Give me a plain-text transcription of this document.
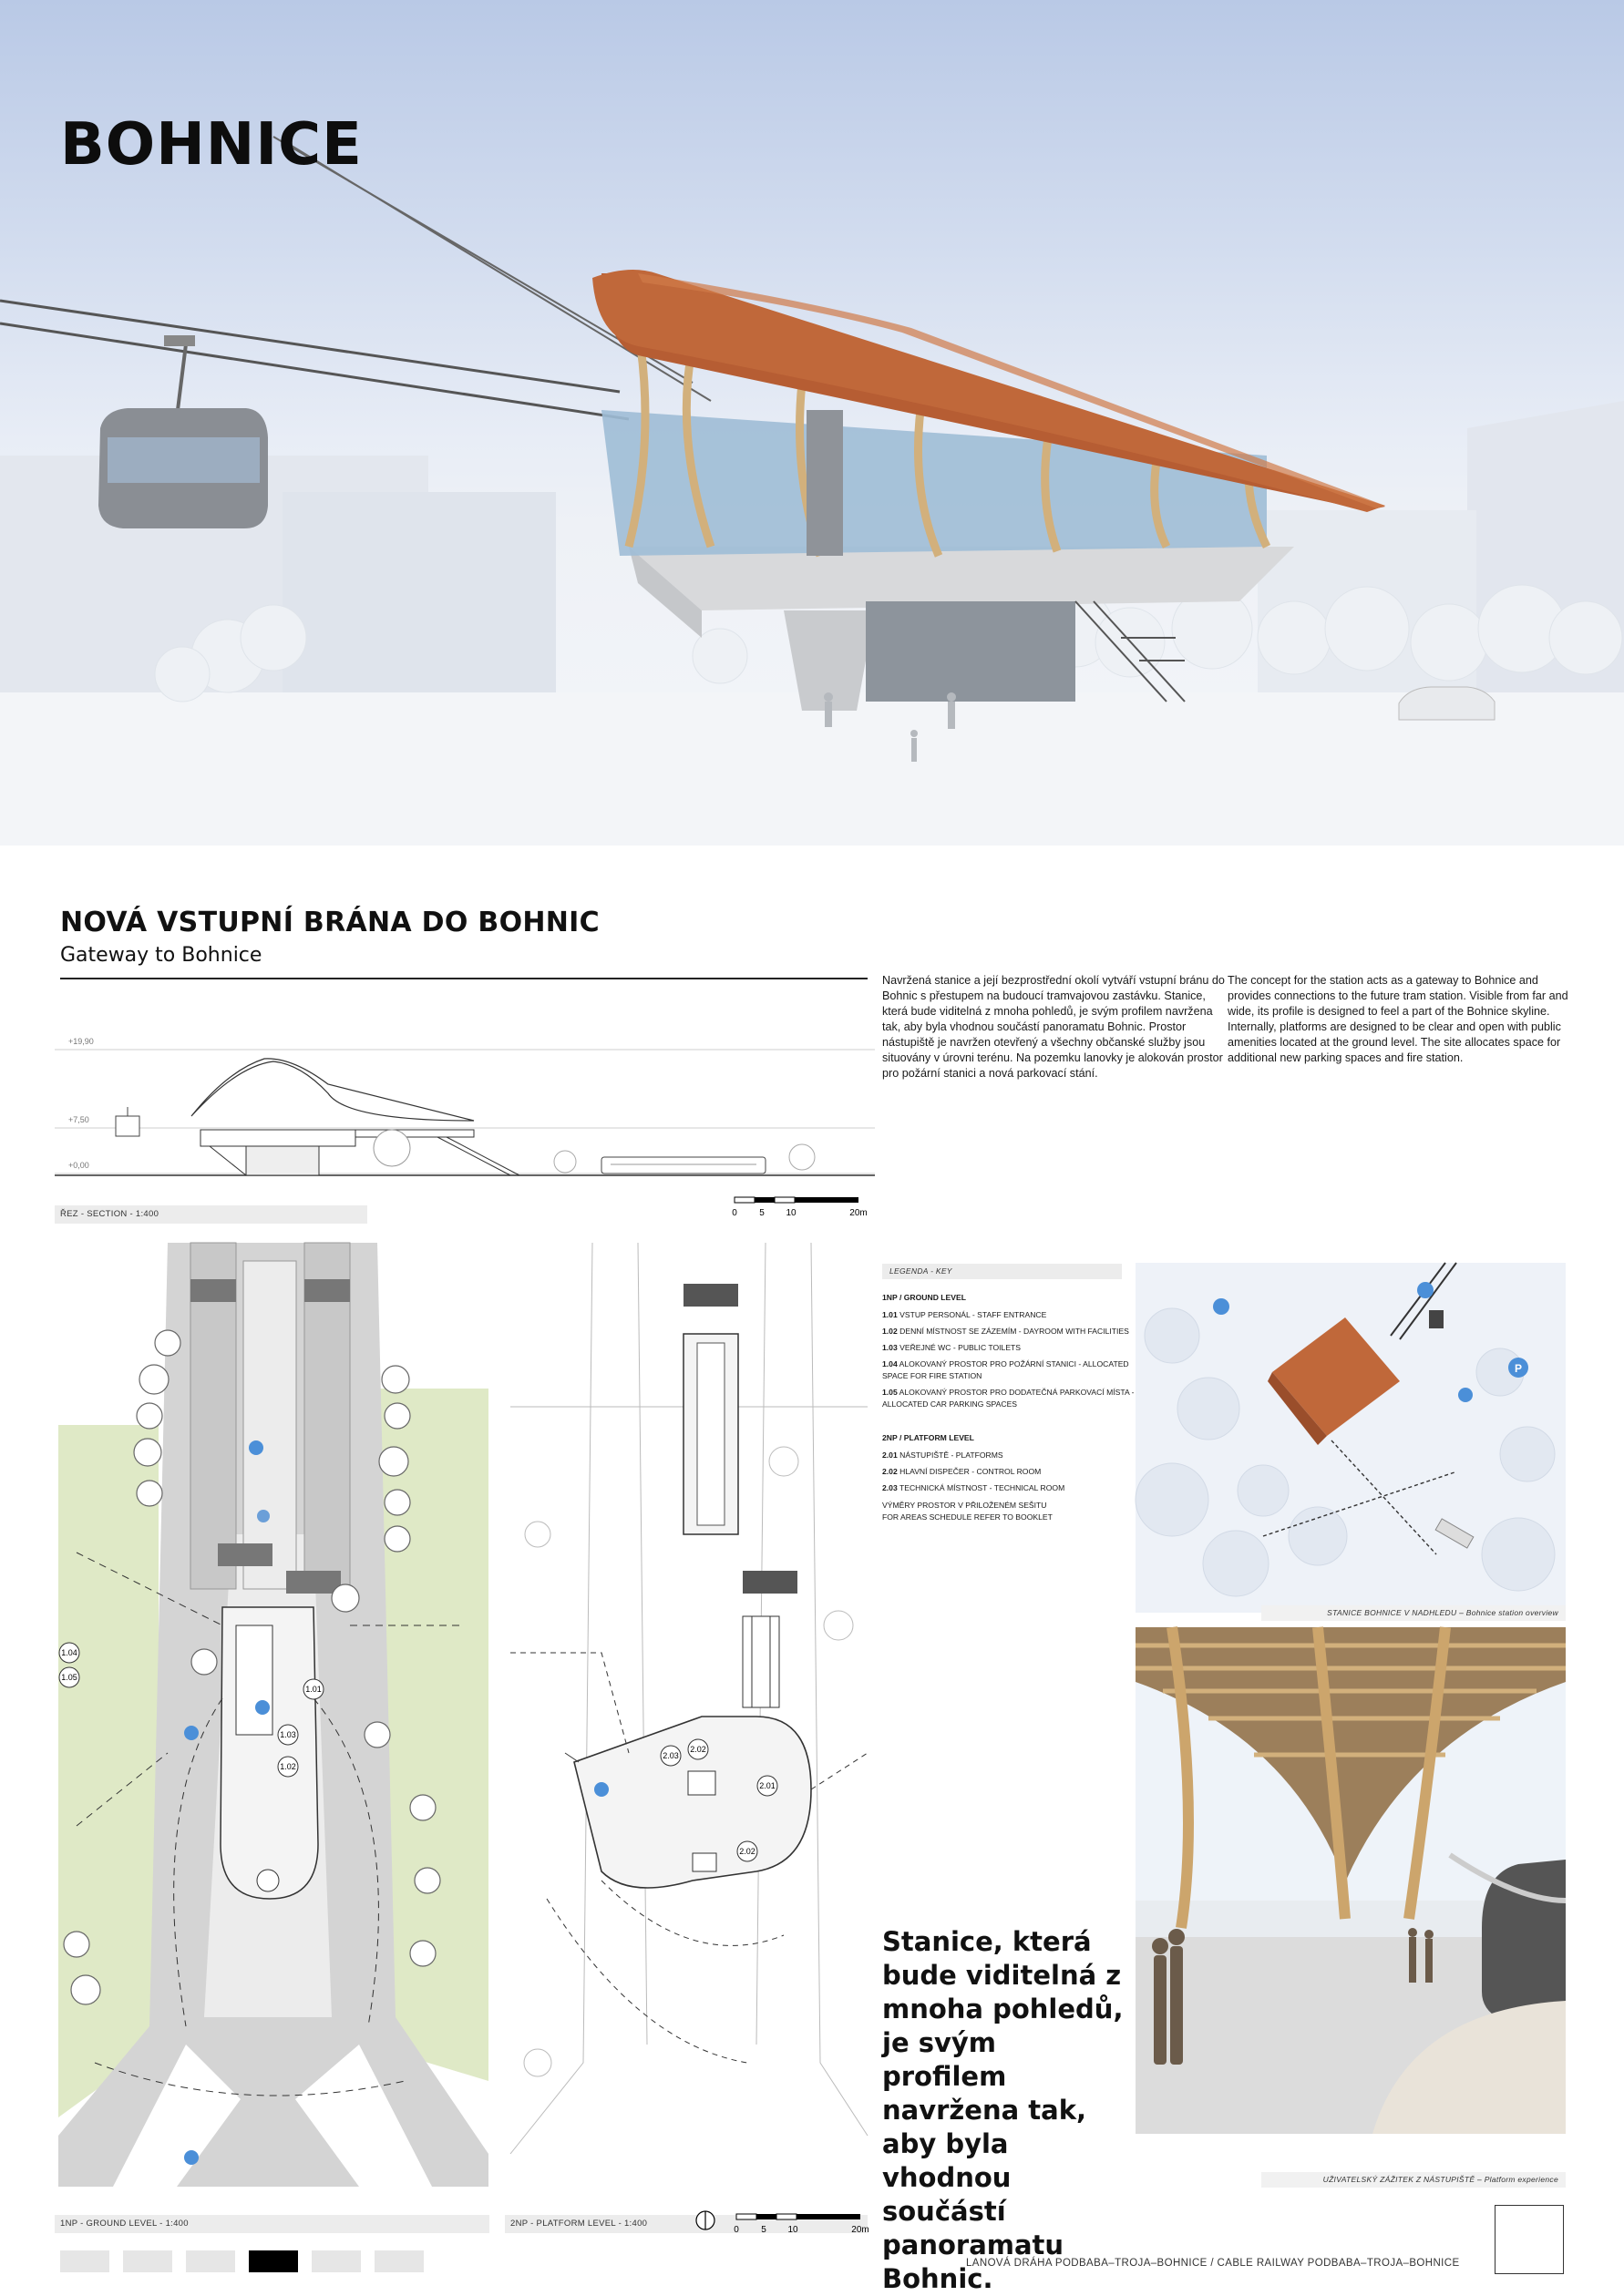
BOHNICE
NOVÁ VSTUPNÍ BRÁNA DO BOHNIC
Gateway to Bohnice
Navržená stanice a její bezprostřední okolí vytváří vstupní bránu do Bohnic s přestupem na budoucí tramvajovou zastávku. Stanice, která bude viditelná z mnoha pohledů, je svým profilem navržena tak, aby byla vhodnou součástí panoramatu Bohnic. Prostor nástupiště je navržen otevřený a všechny občanské služby jsou situovány v úrovni terénu. Na pozemku lanovky je alokován prostor pro požární stanici a nová parkovací stání.
The concept for the station acts as a gateway to Bohnice and provides connections to the future tram station. Visible from far and wide, its profile is designed to feel a part of the Bohnice skyline. Internally, platforms are designed to be clear and open with public amenities located at the ground level. The site allocates space for additional new parking spaces and fire station.
+19,90
+7,50
+0,00
ŘEZ - SECTION - 1:400	0 5 10	20m
1.04
1.05
1.01
1.03
1.02
2.02
2.03
2.01
2.02
1NP - GROUND LEVEL - 1:400	2NP - PLATFORM LEVEL - 1:400
0 5 10	20m
LEGENDA - KEY
1NP / GROUND LEVEL
1.01 VSTUP PERSONÁL - STAFF ENTRANCE
1.02 DENNÍ MÍSTNOST SE ZÁZEMÍM - DAYROOM WITH FACILITIES
1.03 VEŘEJNÉ WC - PUBLIC TOILETS
1.04 ALOKOVANÝ PROSTOR PRO POŽÁRNÍ STANICI - ALLOCATED SPACE FOR FIRE STATION
1.05 ALOKOVANÝ PROSTOR PRO DODATEČNÁ PARKOVACÍ MÍSTA - ALLOCATED CAR PARKING SPACES
2NP / PLATFORM LEVEL
2.01 NÁSTUPIŠTĚ - PLATFORMS
2.02 HLAVNÍ DISPEČER - CONTROL ROOM
2.03 TECHNICKÁ MÍSTNOST - TECHNICAL ROOM
VÝMĚRY PROSTOR V PŘILOŽENÉM SEŠITU
FOR AREAS SCHEDULE REFER TO BOOKLET
P
STANICE BOHNICE V NADHLEDU – Bohnice station overview
UŽIVATELSKÝ ZÁŽITEK Z NÁSTUPIŠTĚ – Platform experience
Stanice, která bude viditelná z mnoha pohledů, je svým profilem navržena tak, aby byla vhodnou součástí panoramatu Bohnic.
LANOVÁ DRÁHA PODBABA–TROJA–BOHNICE / CABLE RAILWAY PODBABA–TROJA–BOHNICE
